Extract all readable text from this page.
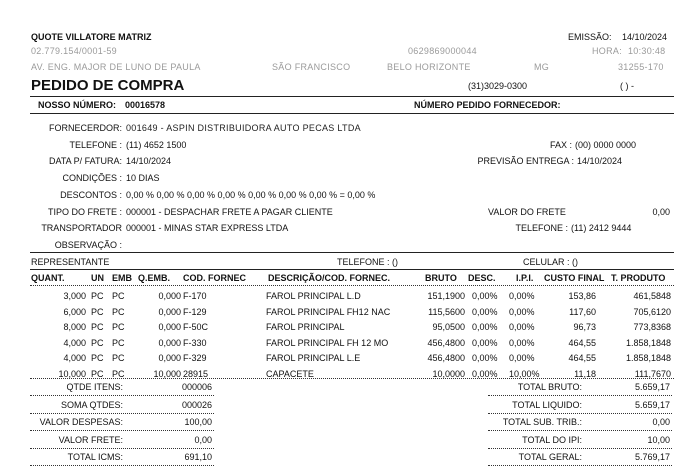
QUOTE VILLATORE MATRIZ	EMISSÃO: 14/10/2024
02.779.154/0001-59	0629869000044	HORA: 10:30:48
AV. ENG. MAJOR DE LUNO DE PAULA	SÃO FRANCISCO	BELO HORIZONTE	MG	31255-170
PEDIDO DE COMPRA	(31)3029-0300	( ) -
NOSSO NÚMERO: 00016578	NÚMERO PEDIDO FORNECEDOR:
FORNECERDOR: 001649 - ASPIN DISTRIBUIDORA AUTO PECAS LTDA
TELEFONE : (11) 4652 1500	FAX : (00) 0000 0000
DATA P/ FATURA: 14/10/2024	PREVISÃO ENTREGA : 14/10/2024
CONDIÇÕES : 10 DIAS
DESCONTOS : 0,00 % 0,00 % 0,00 % 0,00 % 0,00 % 0,00 % 0,00 % = 0,00 %
TIPO DO FRETE : 000001 - DESPACHAR FRETE A PAGAR CLIENTE	VALOR DO FRETE	0,00
TRANSPORTADOR 000001 - MINAS STAR EXPRESS LTDA	TELEFONE : (11) 2412 9444
OBSERVAÇÃO :
REPRESENTANTE	TELEFONE : ()	CELULAR : ()
QUANT.	UN EMB Q.EMB. COD. FORNEC DESCRIÇÃO/COD. FORNEC.	BRUTO DESC. I.P.I. CUSTO FINAL T. PRODUTO
3,000 PC PC	0,000 F-170	FAROL PRINCIPAL L.D	151,1900 0,00% 0,00%	153,86	461,5848
6,000 PC PC	0,000 F-129	FAROL PRINCIPAL FH12 NAC	115,5600 0,00% 0,00%	117,60	705,6120
8,000 PC PC	0,000 F-50C	FAROL PRINCIPAL	95,0500 0,00% 0,00%	96,73	773,8368
4,000 PC PC	0,000 F-330	FAROL PRINCIPAL FH 12 MO	456,4800 0,00% 0,00%	464,55	1.858,1848
4,000 PC PC	0,000 F-329	FAROL PRINCIPAL L.E	456,4800 0,00% 0,00%	464,55	1.858,1848
10,000 PC PC	10,000 28915	CAPACETE	10,0000 0,00% 10,00%	11,18	111,7670
QTDE ITENS:	000006
SOMA QTDES:	000026
VALOR DESPESAS:	100,00
VALOR FRETE:	0,00
TOTAL ICMS:	691,10
TOTAL BRUTO:	5.659,17
TOTAL LIQUIDO:	5.659,17
TOTAL SUB. TRIB.:	0,00
TOTAL DO IPI:	10,00
TOTAL GERAL:	5.769,17
